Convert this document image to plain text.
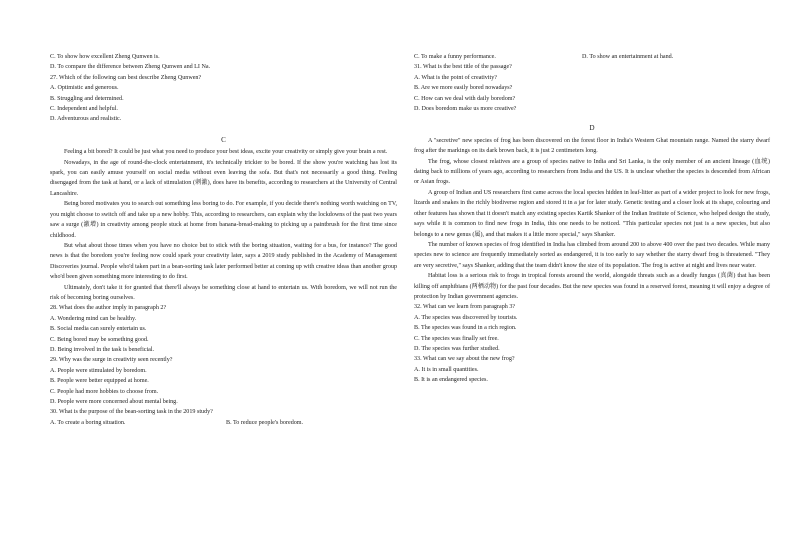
C. To show how excellent Zheng Qunwen is.
D. To compare the difference between Zheng Qunwen and LI Na.
27. Which of the following can best describe Zheng Qunwen?
A. Optimistic and generous.
B. Struggling and determined.
C. Independent and helpful.
D. Adventurous and realistic.
C
Feeling a bit bored? It could be just what you need to produce your best ideas, excite your creativity or simply give your brain a rest.
Nowadays, in the age of round-the-clock entertainment, it's technically trickier to be bored. If the show you're watching has lost its spark, you can easily amuse yourself on social media without even leaving the sofa. But that's not necessarily a good thing. Feeling disengaged from the task at hand, or a lack of stimulation (刺激), does have its benefits, according to researchers at the University of Central Lancashire.
Being bored motivates you to search out something less boring to do. For example, if you decide there's nothing worth watching on TV, you might choose to switch off and take up a new hobby. This, according to researchers, can explain why the lockdowns of the past two years saw a surge (激增) in creativity among people stuck at home from banana-bread-making to picking up a paintbrush for the first time since childhood.
But what about those times when you have no choice but to stick with the boring situation, waiting for a bus, for instance? The good news is that the boredom you're feeling now could spark your creativity later, says a 2019 study published in the Academy of Management Discoveries journal. People who'd taken part in a bean-sorting task later performed better at coming up with creative ideas than another group who'd been given something more interesting to do first.
Ultimately, don't take it for granted that there'll always be something close at hand to entertain us. With boredom, we will not run the risk of becoming boring ourselves.
28. What does the author imply in paragraph 2?
A. Wondering mind can be healthy.
B. Social media can surely entertain us.
C. Being bored may be something good.
D. Being involved in the task is beneficial.
29. Why was the surge in creativity seen recently?
A. People were stimulated by boredom.
B. People were better equipped at home.
C. People had more hobbies to choose from.
D. People were more concerned about mental being.
30. What is the purpose of the bean-sorting task in the 2019 study?
A. To create a boring situation.	B. To reduce people's boredom.
C. To make a funny performance.	D. To show an entertainment at hand.
31. What is the best title of the passage?
A. What is the point of creativity?
B. Are we more easily bored nowadays?
C. How can we deal with daily boredom?
D. Does boredom make us more creative?
D
A "secretive" new species of frog has been discovered on the forest floor in India's Western Ghat mountain range. Named the starry dwarf frog after the markings on its dark brown back, it is just 2 centimeters long.
The frog, whose closest relatives are a group of species native to India and Sri Lanka, is the only member of an ancient lineage (血统) dating back to millions of years ago, according to researchers from India and the US. It is unclear whether the species is descended from African or Asian frogs.
A group of Indian and US researchers first came across the local species hidden in leaf-litter as part of a wider project to look for new frogs, lizards and snakes in the richly biodiverse region and stored it in a jar for later study. Genetic testing and a closer look at its shape, colouring and other features has shown that it doesn't match any existing species Kartik Shanker of the Indian Institute of Science, who helped design the study, says while it is common to find new frogs in India, this one needs to be noticed. "This particular species not just is a new species, but also belongs to a new genus (属), and that makes it a little more special," says Shanker.
The number of known species of frog identified in India has climbed from around 200 to above 400 over the past two decades. While many species new to science are frequently immediately sorted as endangered, it is too early to say whether the starry dwarf frog is threatened. "They are very secretive," says Shanker, adding that the team didn't know the size of its population. The frog is active at night and lives near water.
Habitat loss is a serious risk to frogs in tropical forests around the world, alongside threats such as a deadly fungus (真菌) that has been killing off amphibians (两栖动物) for the past four decades. But the new species was found in a reserved forest, meaning it will enjoy a degree of protection by Indian government agencies.
32. What can we learn from paragraph 3?
A. The species was discovered by tourists.
B. The species was found in a rich region.
C. The species was finally set free.
D. The species was further studied.
33. What can we say about the new frog?
A. It is in small quantities.
B. It is an endangered species.
